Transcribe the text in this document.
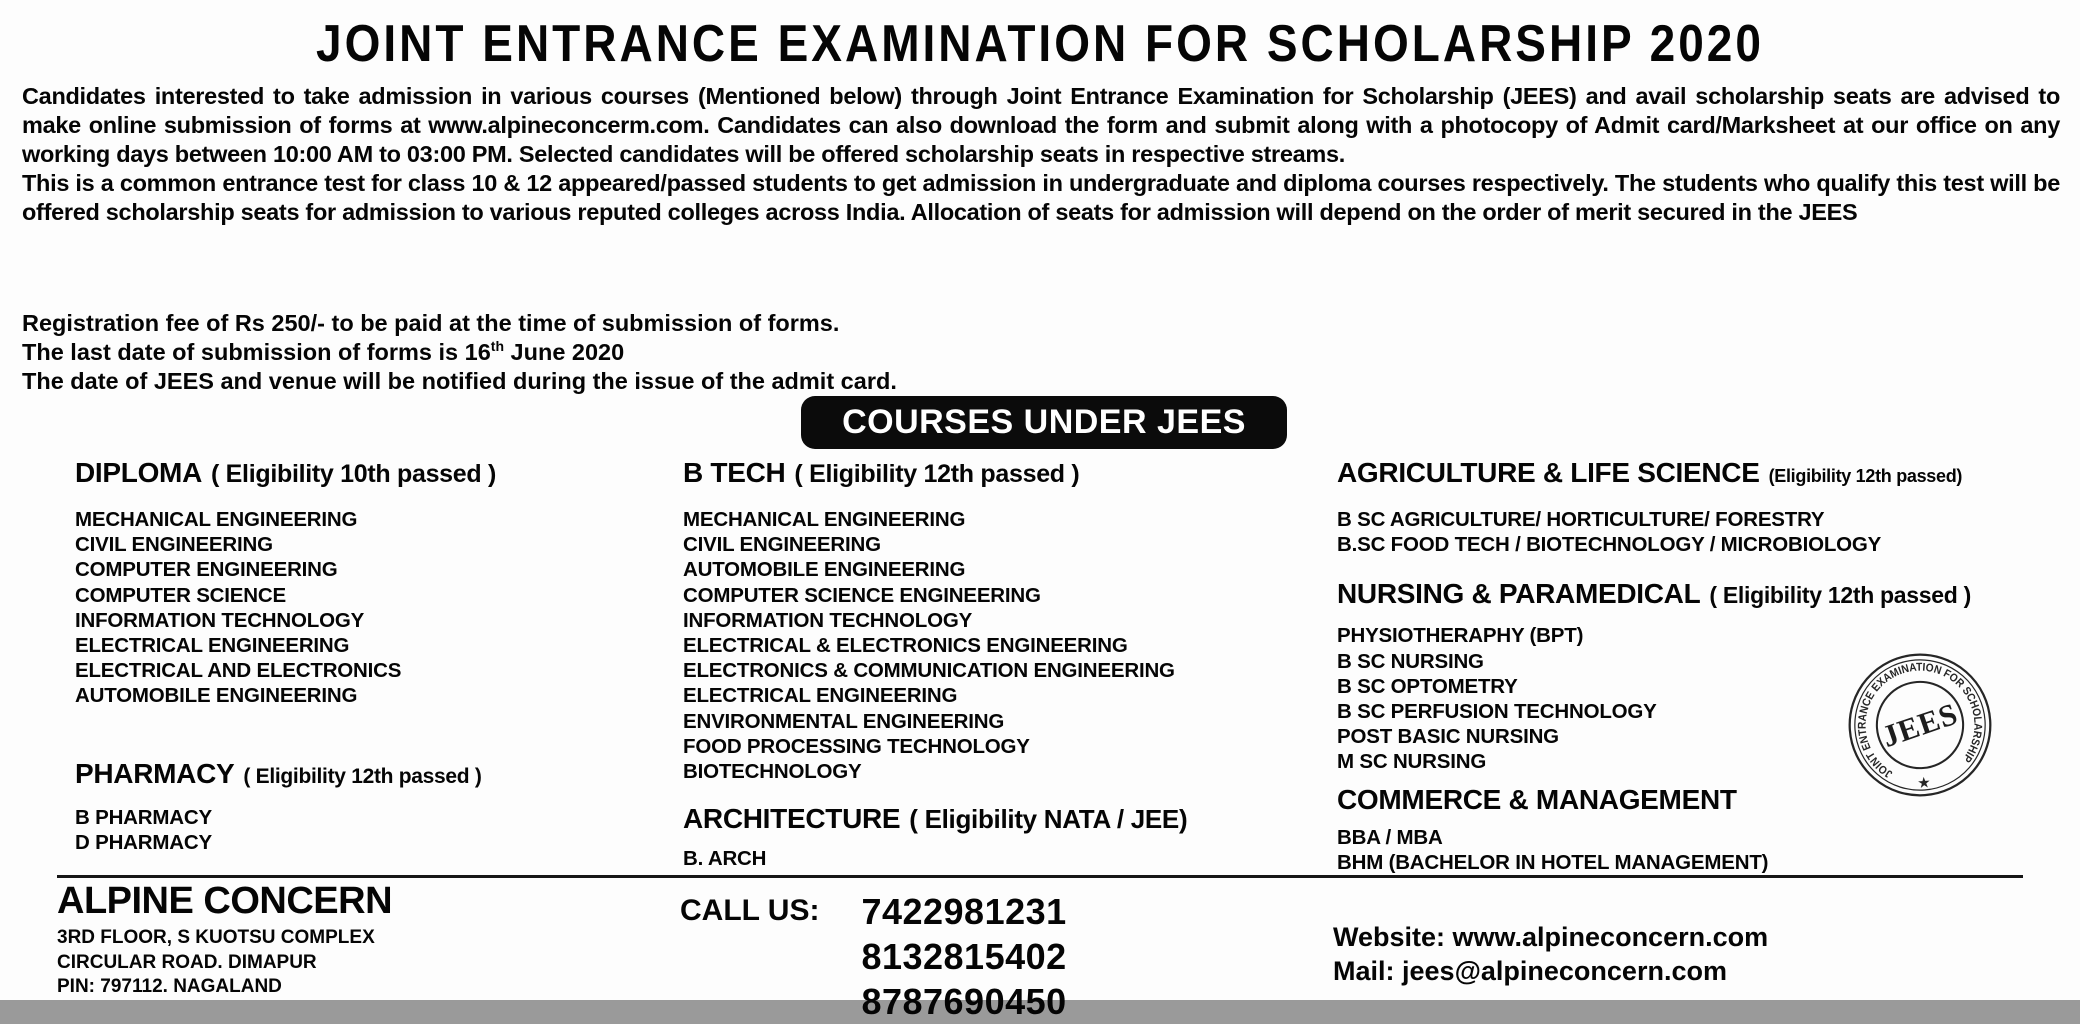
JOINT ENTRANCE EXAMINATION FOR SCHOLARSHIP 2020

Candidates interested to take admission in various courses (Mentioned below) through Joint Entrance Examination for Scholarship (JEES) and avail scholarship seats are advised to make online submission of forms at www.alpineconcerm.com. Candidates can also download the form and submit along with a photocopy of Admit card/Marksheet at our office on any working days between 10:00 AM to 03:00 PM. Selected candidates will be offered scholarship seats in respective streams.

This is a common entrance test for class 10 & 12 appeared/passed students to get admission in undergraduate and diploma courses respectively. The students who qualify this test will be offered scholarship seats for admission to various reputed colleges across India. Allocation of seats for admission will depend on the order of merit secured in the JEES

Registration fee of Rs 250/- to be paid at the time of submission of forms.
The last date of submission of forms is 16th June 2020
The date of JEES and venue will be notified during the issue of the admit card.
COURSES UNDER JEES
DIPLOMA ( Eligibility 10th passed )
MECHANICAL ENGINEERING
CIVIL ENGINEERING
COMPUTER ENGINEERING
COMPUTER SCIENCE
INFORMATION TECHNOLOGY
ELECTRICAL ENGINEERING
ELECTRICAL AND ELECTRONICS
AUTOMOBILE ENGINEERING
PHARMACY ( Eligibility 12th passed )
B PHARMACY
D PHARMACY
B TECH ( Eligibility 12th passed )
MECHANICAL ENGINEERING
CIVIL ENGINEERING
AUTOMOBILE ENGINEERING
COMPUTER SCIENCE ENGINEERING
INFORMATION TECHNOLOGY
ELECTRICAL & ELECTRONICS ENGINEERING
ELECTRONICS & COMMUNICATION ENGINEERING
ELECTRICAL ENGINEERING
ENVIRONMENTAL ENGINEERING
FOOD PROCESSING TECHNOLOGY
BIOTECHNOLOGY
ARCHITECTURE ( Eligibility NATA / JEE)
B. ARCH
AGRICULTURE & LIFE SCIENCE (Eligibility 12th passed)
B SC AGRICULTURE/ HORTICULTURE/ FORESTRY
B.SC FOOD TECH / BIOTECHNOLOGY / MICROBIOLOGY
NURSING & PARAMEDICAL ( Eligibility 12th passed )
PHYSIOTHERAPHY (BPT)
B SC NURSING
B SC OPTOMETRY
B SC PERFUSION TECHNOLOGY
POST BASIC NURSING
M SC NURSING
COMMERCE & MANAGEMENT
BBA / MBA
BHM (BACHELOR IN HOTEL MANAGEMENT)
JOINT ENTRANCE EXAMINATION FOR SCHOLARSHIP
★
JEES
ALPINE CONCERN
3RD FLOOR, S KUOTSU COMPLEX
CIRCULAR ROAD. DIMAPUR
PIN: 797112. NAGALAND
CALL US: 7422981231
8132815402
8787690450
Website: www.alpineconcern.com
Mail: jees@alpineconcern.com
